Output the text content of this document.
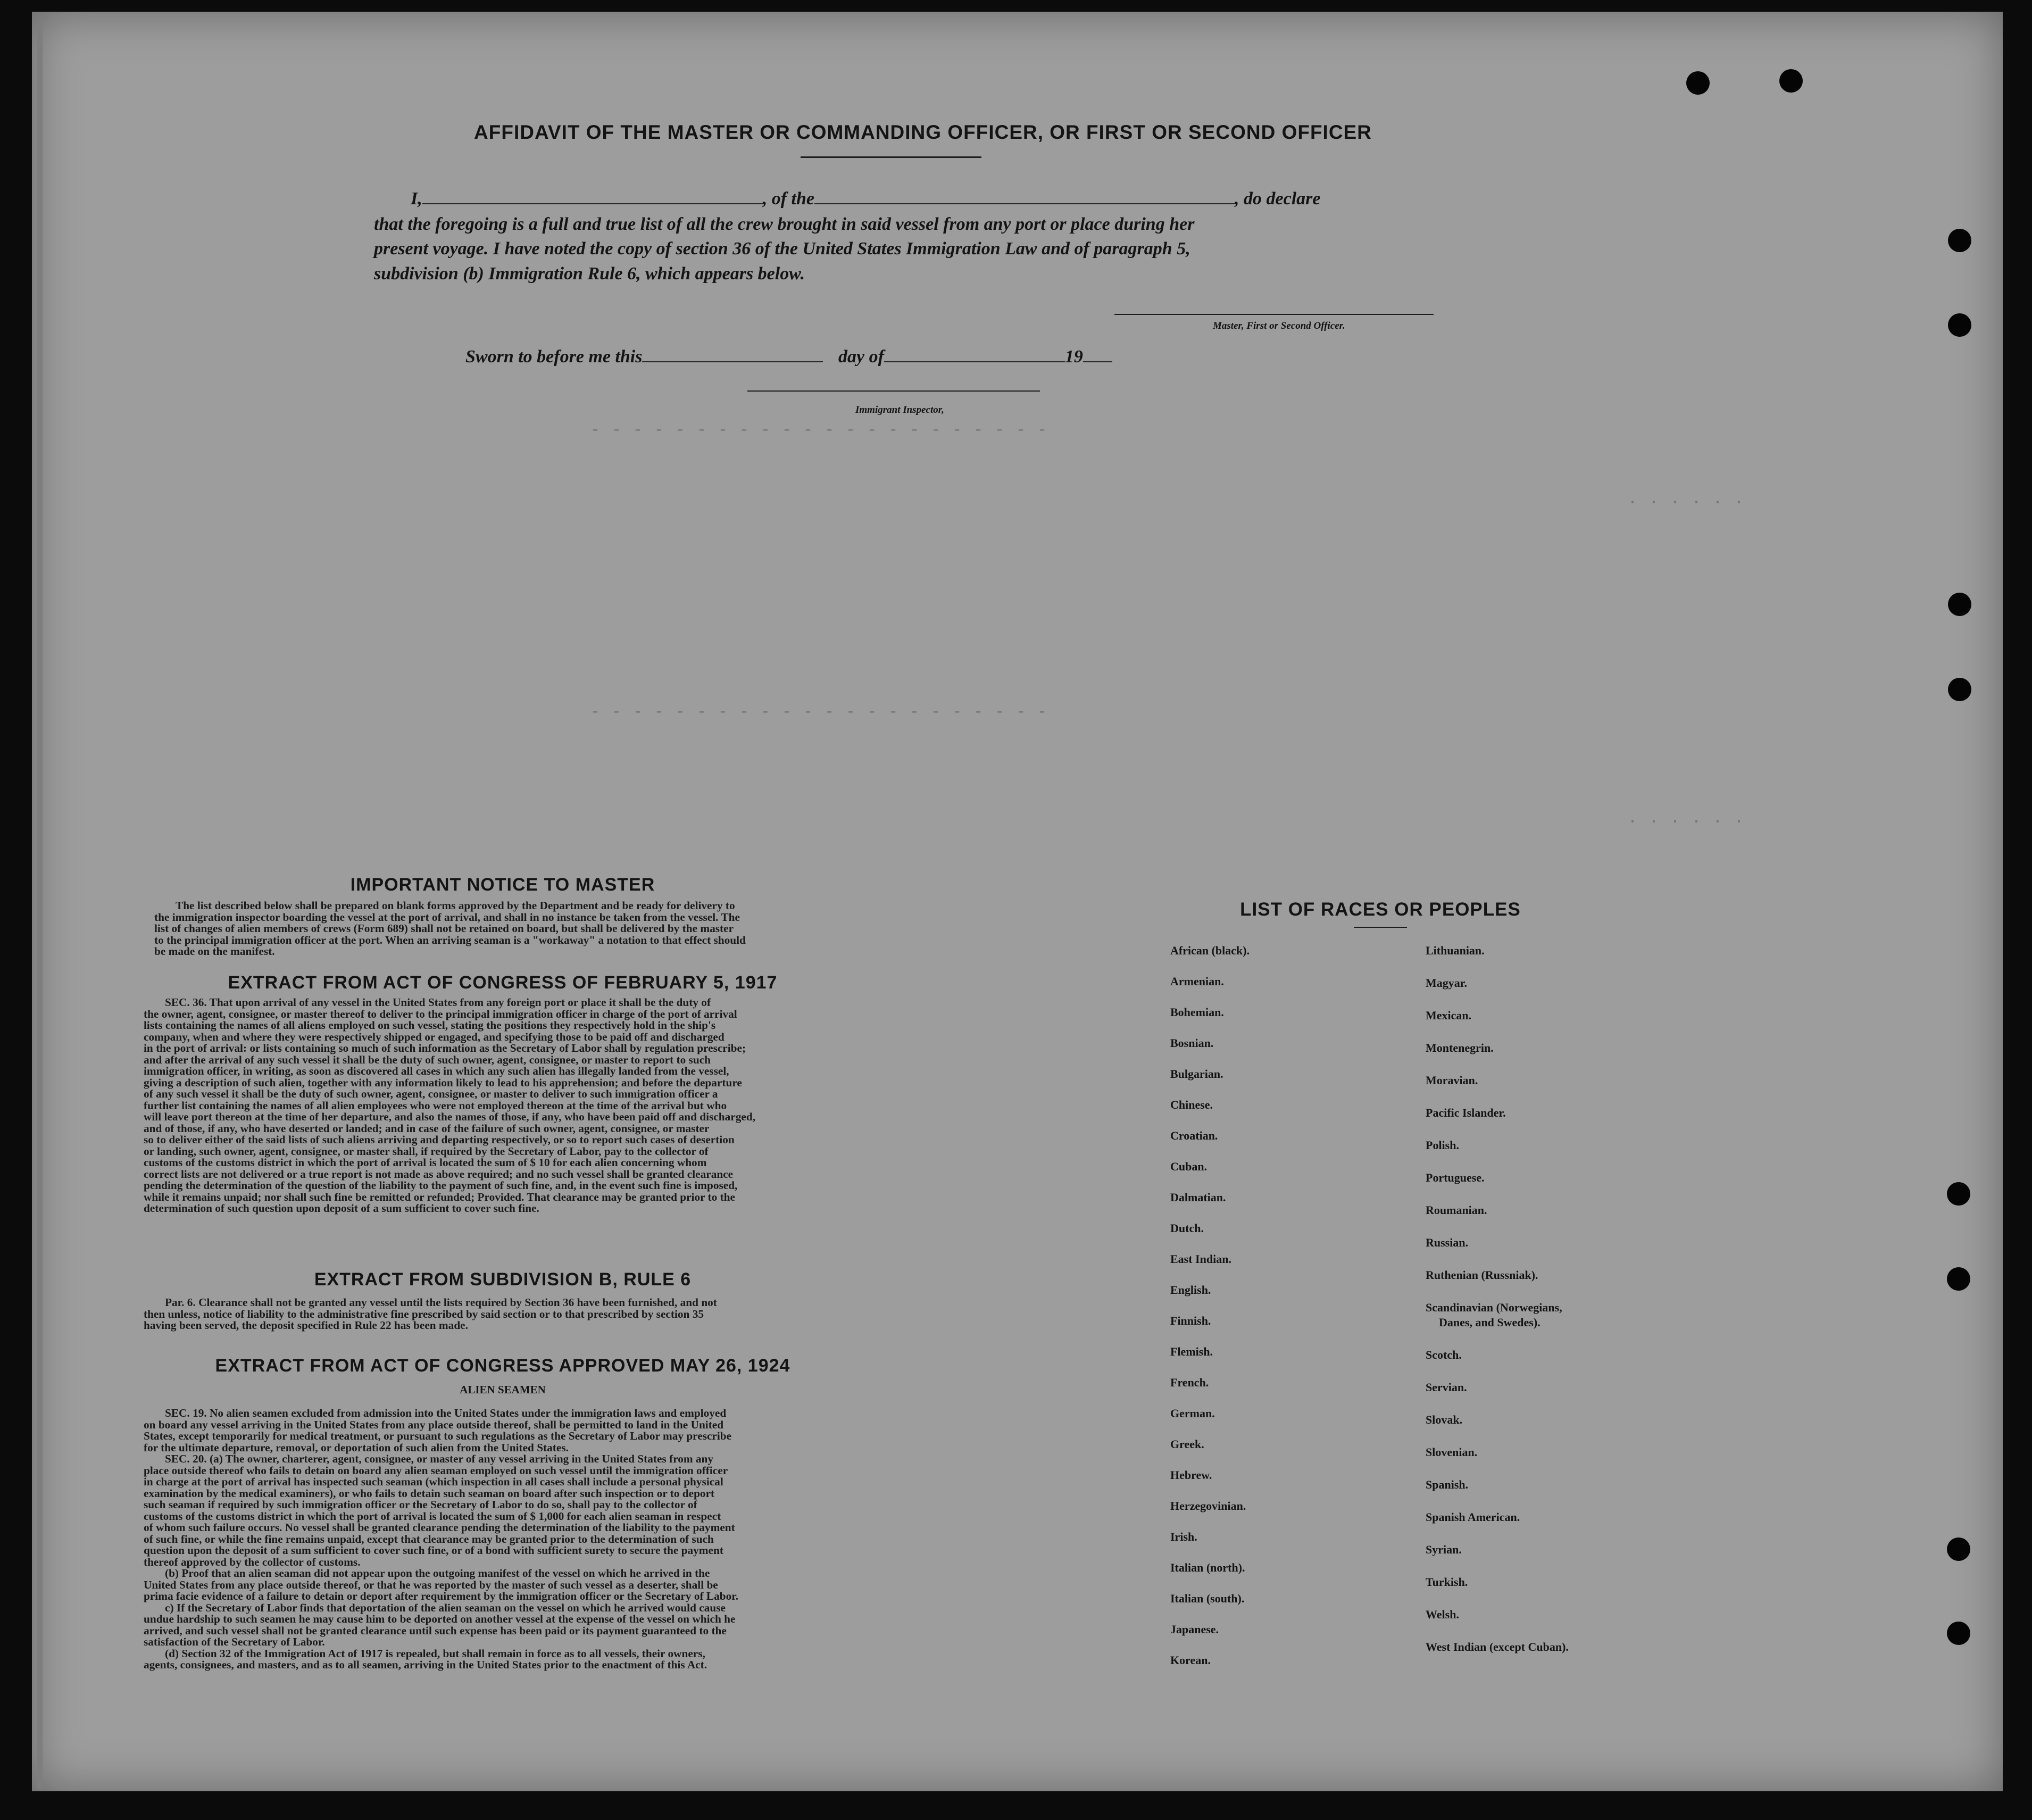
- - - - - - - - - - - - - - - - - - - - - -
- - - - - - - - - - - - - - - - - - - - - -
. . . . . .
. . . . . .
AFFIDAVIT OF THE MASTER OR COMMANDING OFFICER, OR FIRST OR SECOND OFFICER
I,	, of the	, do declare
that the foregoing is a full and true list of all the crew brought in said vessel from any port or place during her
present voyage. I have noted the copy of section 36 of the United States Immigration Law and of paragraph 5,
subdivision (b) Immigration Rule 6, which appears below.
Master, First or Second Officer.
Sworn to before me this	day of	19
Immigrant Inspector,
IMPORTANT NOTICE TO MASTER

The list described below shall be prepared on blank forms approved by the Department and be ready for delivery to

the immigration inspector boarding the vessel at the port of arrival, and shall in no instance be taken from the vessel. The
list of changes of alien members of crews (Form 689) shall not be retained on board, but shall be delivered by the master
to the principal immigration officer at the port. When an arriving seaman is a "workaway" a notation to that effect should
be made on the manifest.
EXTRACT FROM ACT OF CONGRESS OF FEBRUARY 5, 1917

SEC. 36. That upon arrival of any vessel in the United States from any foreign port or place it shall be the duty of

the owner, agent, consignee, or master thereof to deliver to the principal immigration officer in charge of the port of arrival
lists containing the names of all aliens employed on such vessel, stating the positions they respectively hold in the ship's
company, when and where they were respectively shipped or engaged, and specifying those to be paid off and discharged
in the port of arrival: or lists containing so much of such information as the Secretary of Labor shall by regulation prescribe;
and after the arrival of any such vessel it shall be the duty of such owner, agent, consignee, or master to report to such
immigration officer, in writing, as soon as discovered all cases in which any such alien has illegally landed from the vessel,
giving a description of such alien, together with any information likely to lead to his apprehension; and before the departure
of any such vessel it shall be the duty of such owner, agent, consignee, or master to deliver to such immigration officer a
further list containing the names of all alien employees who were not employed thereon at the time of the arrival but who
will leave port thereon at the time of her departure, and also the names of those, if any, who have been paid off and discharged,
and of those, if any, who have deserted or landed; and in case of the failure of such owner, agent, consignee, or master
so to deliver either of the said lists of such aliens arriving and departing respectively, or so to report such cases of desertion
or landing, such owner, agent, consignee, or master shall, if required by the Secretary of Labor, pay to the collector of
customs of the customs district in which the port of arrival is located the sum of $ 10 for each alien concerning whom
correct lists are not delivered or a true report is not made as above required; and no such vessel shall be granted clearance
pending the determination of the question of the liability to the payment of such fine, and, in the event such fine is imposed,
while it remains unpaid; nor shall such fine be remitted or refunded; Provided. That clearance may be granted prior to the
determination of such question upon deposit of a sum sufficient to cover such fine.
EXTRACT FROM SUBDIVISION B, RULE 6

Par. 6. Clearance shall not be granted any vessel until the lists required by Section 36 have been furnished, and not

then unless, notice of liability to the administrative fine prescribed by said section or to that prescribed by section 35
having been served, the deposit specified in Rule 22 has been made.
EXTRACT FROM ACT OF CONGRESS APPROVED MAY 26, 1924
ALIEN SEAMEN

SEC. 19. No alien seamen excluded from admission into the United States under the immigration laws and employed

on board any vessel arriving in the United States from any place outside thereof, shall be permitted to land in the United
States, except temporarily for medical treatment, or pursuant to such regulations as the Secretary of Labor may prescribe
for the ultimate departure, removal, or deportation of such alien from the United States.

SEC. 20. (a) The owner, charterer, agent, consignee, or master of any vessel arriving in the United States from any

place outside thereof who fails to detain on board any alien seaman employed on such vessel until the immigration officer
in charge at the port of arrival has inspected such seaman (which inspection in all cases shall include a personal physical
examination by the medical examiners), or who fails to detain such seaman on board after such inspection or to deport
such seaman if required by such immigration officer or the Secretary of Labor to do so, shall pay to the collector of
customs of the customs district in which the port of arrival is located the sum of $ 1,000 for each alien seaman in respect
of whom such failure occurs. No vessel shall be granted clearance pending the determination of the liability to the payment
of such fine, or while the fine remains unpaid, except that clearance may be granted prior to the determination of such
question upon the deposit of a sum sufficient to cover such fine, or of a bond with sufficient surety to secure the payment
thereof approved by the collector of customs.

(b) Proof that an alien seaman did not appear upon the outgoing manifest of the vessel on which he arrived in the

United States from any place outside thereof, or that he was reported by the master of such vessel as a deserter, shall be
prima facie evidence of a failure to detain or deport after requirement by the immigration officer or the Secretary of Labor.

c) If the Secretary of Labor finds that deportation of the alien seaman on the vessel on which he arrived would cause

undue hardship to such seamen he may cause him to be deported on another vessel at the expense of the vessel on which he
arrived, and such vessel shall not be granted clearance until such expense has been paid or its payment guaranteed to the
satisfaction of the Secretary of Labor.

(d) Section 32 of the Immigration Act of 1917 is repealed, but shall remain in force as to all vessels, their owners,

agents, consignees, and masters, and as to all seamen, arriving in the United States prior to the enactment of this Act.
LIST OF RACES OR PEOPLES
African (black).
Armenian.
Bohemian.
Bosnian.
Bulgarian.
Chinese.
Croatian.
Cuban.
Dalmatian.
Dutch.
East Indian.
English.
Finnish.
Flemish.
French.
German.
Greek.
Hebrew.
Herzegovinian.
Irish.
Italian (north).
Italian (south).
Japanese.
Korean.
Lithuanian.
Magyar.
Mexican.
Montenegrin.
Moravian.
Pacific Islander.
Polish.
Portuguese.
Roumanian.
Russian.
Ruthenian (Russniak).
Scandinavian (Norwegians,
Danes, and Swedes).
Scotch.
Servian.
Slovak.
Slovenian.
Spanish.
Spanish American.
Syrian.
Turkish.
Welsh.
West Indian (except Cuban).
